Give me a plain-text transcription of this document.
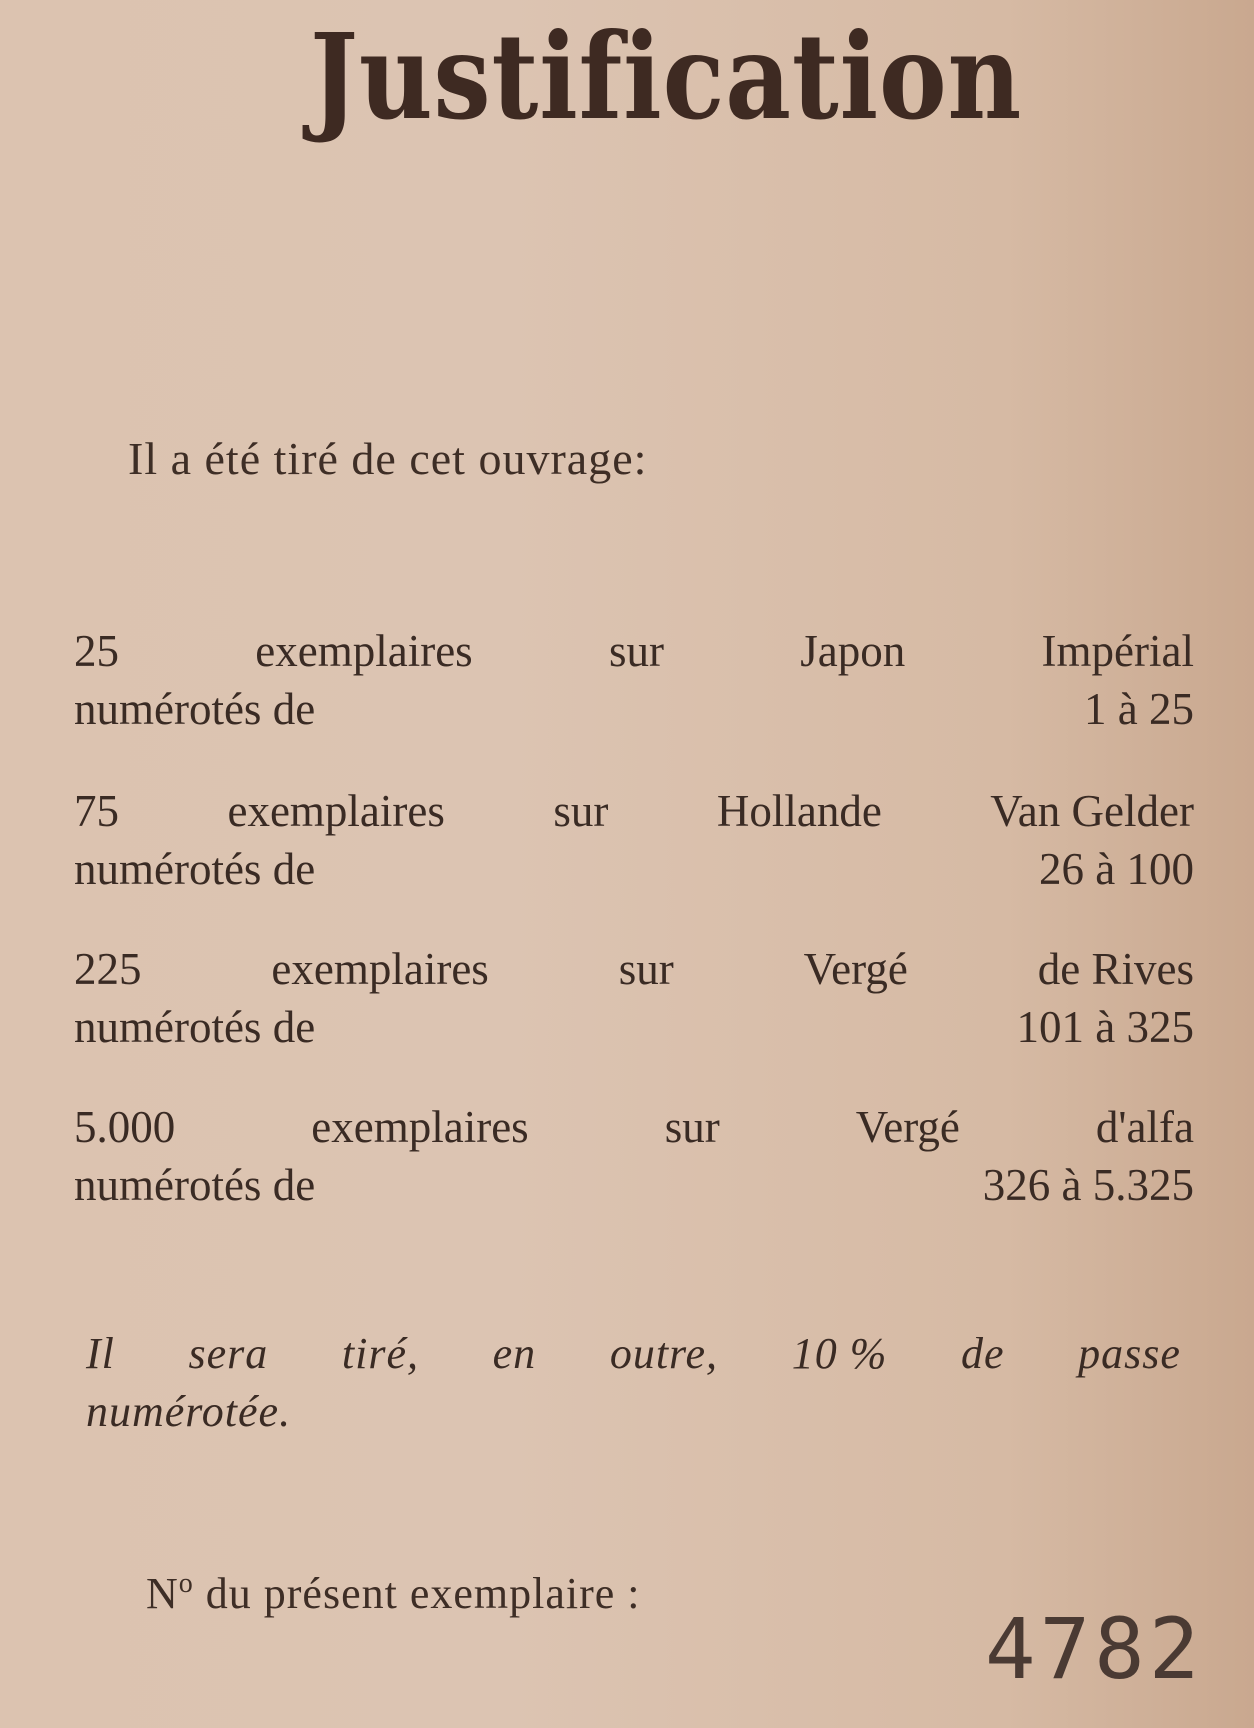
Justification
Il a été tiré de cet ouvrage:
25	exemplaires	sur	Japon	Impérial
numérotés de	1 à 25
75 exemplaires sur Hollande Van Gelder
numérotés de	26 à 100
225	exemplaires	sur	Vergé	de Rives
numérotés de	101 à 325
5.000	exemplaires	sur	Vergé	d'alfa
numérotés de	326 à 5.325
Il sera tiré, en outre, 10 % de passe
numérotée.
$N^o$ du présent exemplaire :
4782
